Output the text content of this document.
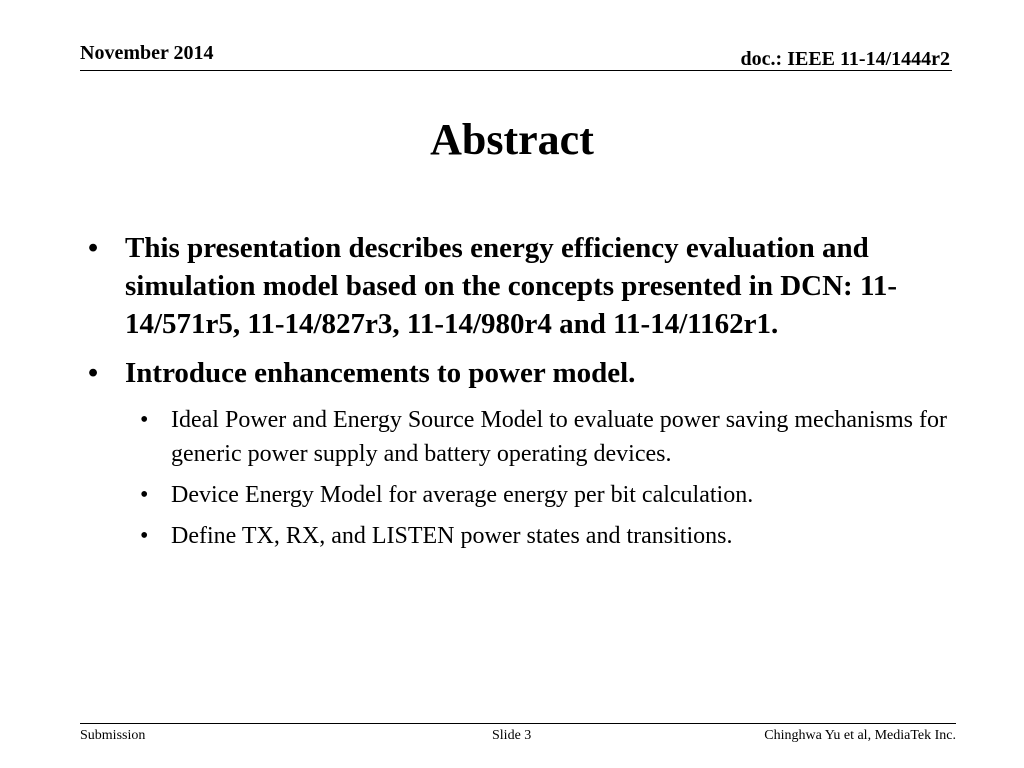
November 2014	doc.: IEEE 11-14/1444r2
Abstract
• This presentation describes energy efficiency evaluation and simulation model based on the concepts presented in DCN: 11-14/571r5, 11-14/827r3, 11-14/980r4 and 11-14/1162r1.
• Introduce enhancements to power model.
• Ideal Power and Energy Source Model to evaluate power saving mechanisms for generic power supply and battery operating devices.
• Device Energy Model for average energy per bit calculation.
• Define TX, RX, and LISTEN power states and transitions.
Submission	Slide 3	Chinghwa Yu et al, MediaTek Inc.
